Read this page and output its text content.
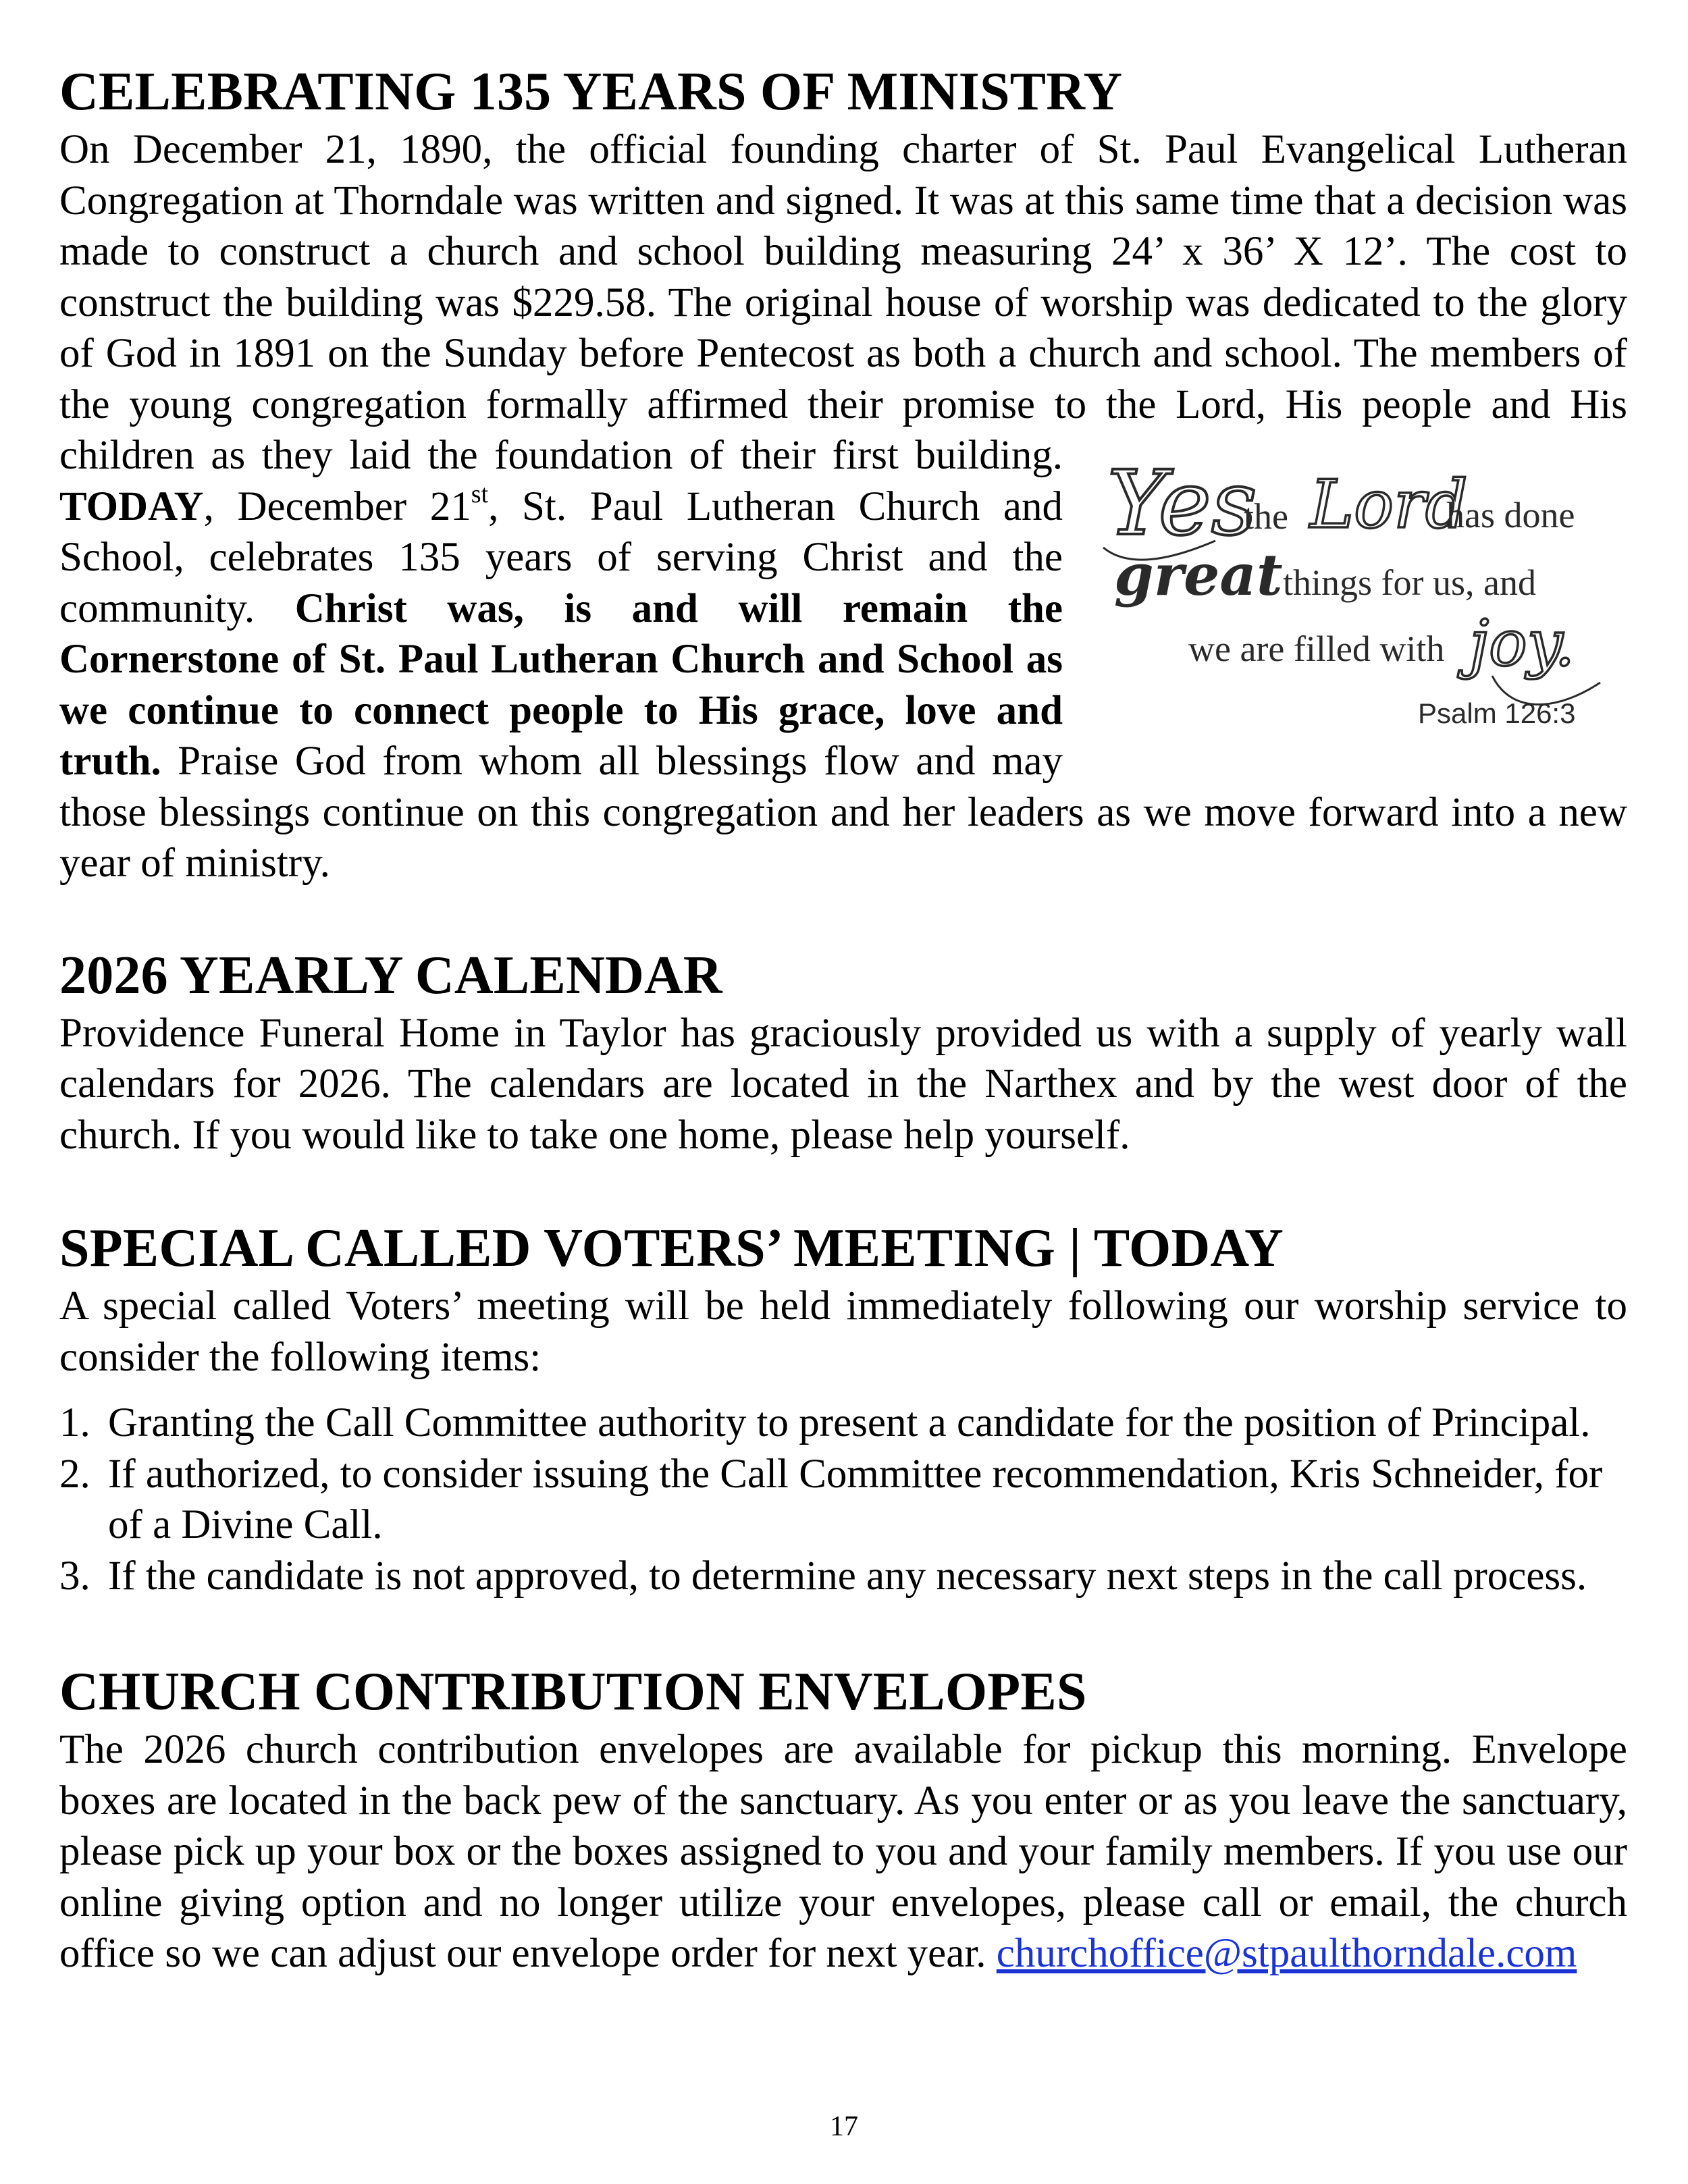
CELEBRATING 135 YEARS OF MINISTRY

On December 21, 1890, the official founding charter of St. Paul Evangelical Lutheran Congregation at Thorndale was written and signed. It was at this same time that a decision was made to construct a church and school building measuring 24’ x 36’ X 12’. The cost to construct the building was $229.58. The original house of worship was dedicated to the glory of God in 1891 on the Sunday before Pentecost as both a church and school. The members of the young congregation formally affirmed their promise to the Lord, His people and His children as they laid the foundation of their first building. Yes
the Lord
has done
great things for us, and
we are filled with joy.
Psalm 126:3
TODAY, December 21st, St. Paul Lutheran Church and School, celebrates 135 years of serving Christ and the community. Christ was, is and will remain the Cornerstone of St. Paul Lutheran Church and School as we continue to connect people to His grace, love and truth. Praise God from whom all blessings flow and may those blessings continue on this congregation and her leaders as we move forward into a new year of ministry.

2026 YEARLY CALENDAR

Providence Funeral Home in Taylor has graciously provided us with a supply of yearly wall calendars for 2026. The calendars are located in the Narthex and by the west door of the church. If you would like to take one home, please help yourself.

SPECIAL CALLED VOTERS’ MEETING | TODAY

A special called Voters’ meeting will be held immediately following our worship service to consider the following items:

1. Granting the Call Committee authority to present a candidate for the position of Principal.
2. If authorized, to consider issuing the Call Committee recommendation, Kris Schneider, for of a Divine Call.
3. If the candidate is not approved, to determine any necessary next steps in the call process.
CHURCH CONTRIBUTION ENVELOPES

The 2026 church contribution envelopes are available for pickup this morning. Envelope boxes are located in the back pew of the sanctuary. As you enter or as you leave the sanctuary, please pick up your box or the boxes assigned to you and your family members. If you use our online giving option and no longer utilize your envelopes, please call or email, the church office so we can adjust our envelope order for next year. churchoffice@stpaulthorndale.com

17
